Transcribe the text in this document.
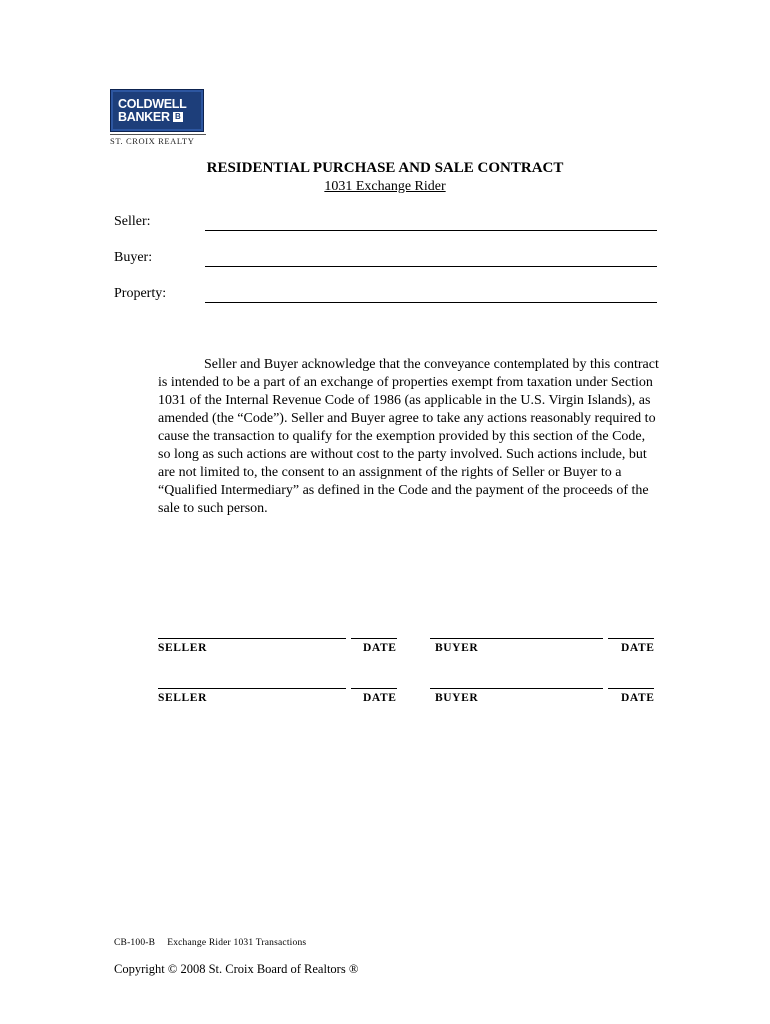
COLDWELL
BANKER B
ST. CROIX REALTY
RESIDENTIAL PURCHASE AND SALE CONTRACT
1031 Exchange Rider
Seller:
Buyer:
Property:

Seller and Buyer acknowledge that the conveyance contemplated by this contract is intended to be a part of an exchange of properties exempt from taxation under Section 1031 of the Internal Revenue Code of 1986 (as applicable in the U.S. Virgin Islands), as amended (the “Code”). Seller and Buyer agree to take any actions reasonably required to cause the transaction to qualify for the exemption provided by this section of the Code, so long as such actions are without cost to the party involved. Such actions include, but are not limited to, the consent to an assignment of the rights of Seller or Buyer to a “Qualified Intermediary” as defined in the Code and the payment of the proceeds of the sale to such person.

SELLER	DATE	BUYER	DATE
SELLER	DATE	BUYER	DATE
CB-100-B Exchange Rider 1031 Transactions
Copyright © 2008 St. Croix Board of Realtors ®
